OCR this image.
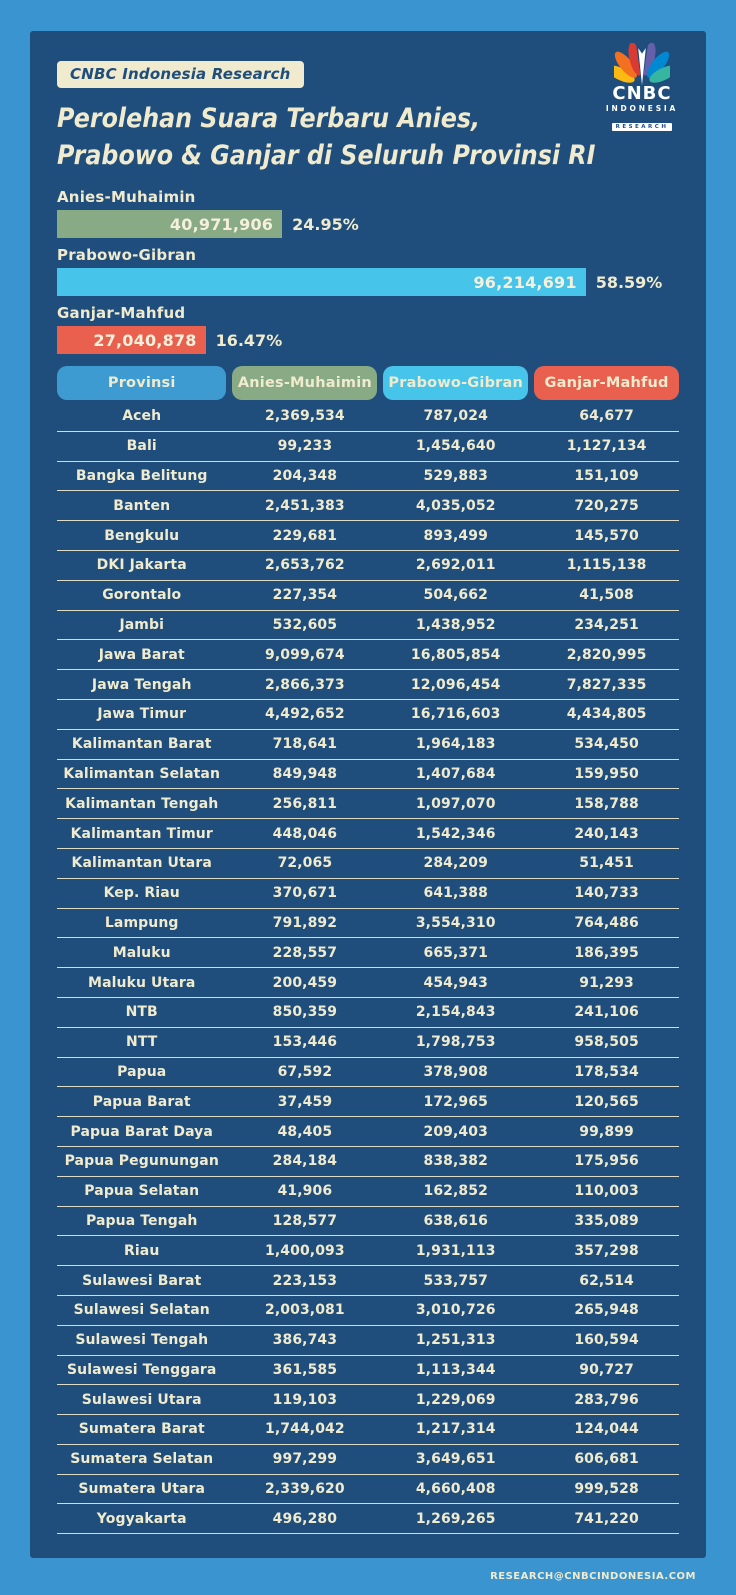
CNBC Indonesia Research
CNBC
INDONESIA
RESEARCH
Perolehan Suara Terbaru Anies,
Prabowo & Ganjar di Seluruh Provinsi RI
Anies-Muhaimin
40,971,906 24.95%
Prabowo-Gibran
96,214,691 58.59%
Ganjar-Mahfud
27,040,878 16.47%
Provinsi	Anies-Muhaimin	Prabowo-Gibran	Ganjar-Mahfud
Aceh	2,369,534	787,024	64,677
Bali	99,233	1,454,640	1,127,134
Bangka Belitung	204,348	529,883	151,109
Banten	2,451,383	4,035,052	720,275
Bengkulu	229,681	893,499	145,570
DKI Jakarta	2,653,762	2,692,011	1,115,138
Gorontalo	227,354	504,662	41,508
Jambi	532,605	1,438,952	234,251
Jawa Barat	9,099,674	16,805,854	2,820,995
Jawa Tengah	2,866,373	12,096,454	7,827,335
Jawa Timur	4,492,652	16,716,603	4,434,805
Kalimantan Barat	718,641	1,964,183	534,450
Kalimantan Selatan	849,948	1,407,684	159,950
Kalimantan Tengah	256,811	1,097,070	158,788
Kalimantan Timur	448,046	1,542,346	240,143
Kalimantan Utara	72,065	284,209	51,451
Kep. Riau	370,671	641,388	140,733
Lampung	791,892	3,554,310	764,486
Maluku	228,557	665,371	186,395
Maluku Utara	200,459	454,943	91,293
NTB	850,359	2,154,843	241,106
NTT	153,446	1,798,753	958,505
Papua	67,592	378,908	178,534
Papua Barat	37,459	172,965	120,565
Papua Barat Daya	48,405	209,403	99,899
Papua Pegunungan	284,184	838,382	175,956
Papua Selatan	41,906	162,852	110,003
Papua Tengah	128,577	638,616	335,089
Riau	1,400,093	1,931,113	357,298
Sulawesi Barat	223,153	533,757	62,514
Sulawesi Selatan	2,003,081	3,010,726	265,948
Sulawesi Tengah	386,743	1,251,313	160,594
Sulawesi Tenggara	361,585	1,113,344	90,727
Sulawesi Utara	119,103	1,229,069	283,796
Sumatera Barat	1,744,042	1,217,314	124,044
Sumatera Selatan	997,299	3,649,651	606,681
Sumatera Utara	2,339,620	4,660,408	999,528
Yogyakarta	496,280	1,269,265	741,220
RESEARCH@CNBCINDONESIA.COM
